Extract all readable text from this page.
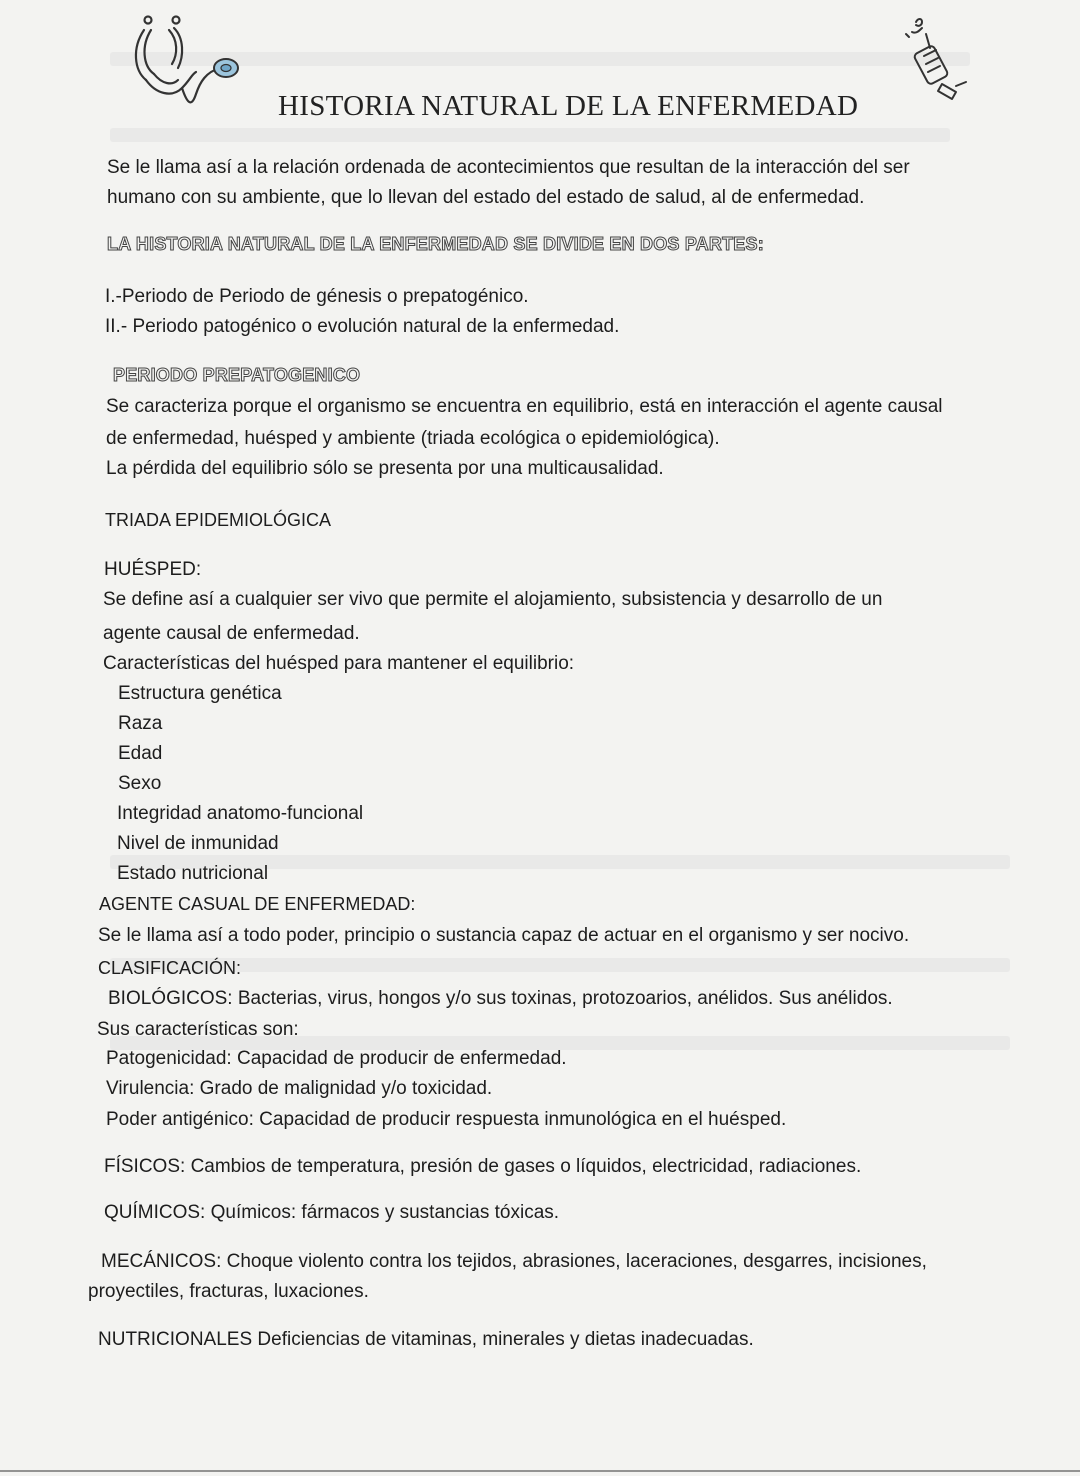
HISTORIA NATURAL DE LA ENFERMEDAD
Se le llama así a la relación ordenada de acontecimientos que resultan de la interacción del ser
humano con su ambiente, que lo llevan del estado del estado de salud, al de enfermedad.
LA HISTORIA NATURAL DE LA ENFERMEDAD SE DIVIDE EN DOS PARTES:
I.-Periodo de Periodo de génesis o prepatogénico.
II.- Periodo patogénico o evolución natural de la enfermedad.
PERIODO PREPATOGENICO
Se caracteriza porque el organismo se encuentra en equilibrio, está en interacción el agente causal
de enfermedad, huésped y ambiente (triada ecológica o epidemiológica).
La pérdida del equilibrio sólo se presenta por una multicausalidad.
TRIADA EPIDEMIOLÓGICA
HUÉSPED:
Se define así a cualquier ser vivo que permite el alojamiento, subsistencia y desarrollo de un
agente causal de enfermedad.
Características del huésped para mantener el equilibrio:
Estructura genética
Raza
Edad
Sexo
Integridad anatomo-funcional
Nivel de inmunidad
Estado nutricional
AGENTE CASUAL DE ENFERMEDAD:
Se le llama así a todo poder, principio o sustancia capaz de actuar en el organismo y ser nocivo.
CLASIFICACIÓN:
BIOLÓGICOS: Bacterias, virus, hongos y/o sus toxinas, protozoarios, anélidos. Sus anélidos.
Sus características son:
Patogenicidad: Capacidad de producir de enfermedad.
Virulencia: Grado de malignidad y/o toxicidad.
Poder antigénico: Capacidad de producir respuesta inmunológica en el huésped.
FÍSICOS: Cambios de temperatura, presión de gases o líquidos, electricidad, radiaciones.
QUÍMICOS: Químicos: fármacos y sustancias tóxicas.
MECÁNICOS: Choque violento contra los tejidos, abrasiones, laceraciones, desgarres, incisiones,
proyectiles, fracturas, luxaciones.
NUTRICIONALES Deficiencias de vitaminas, minerales y dietas inadecuadas.
